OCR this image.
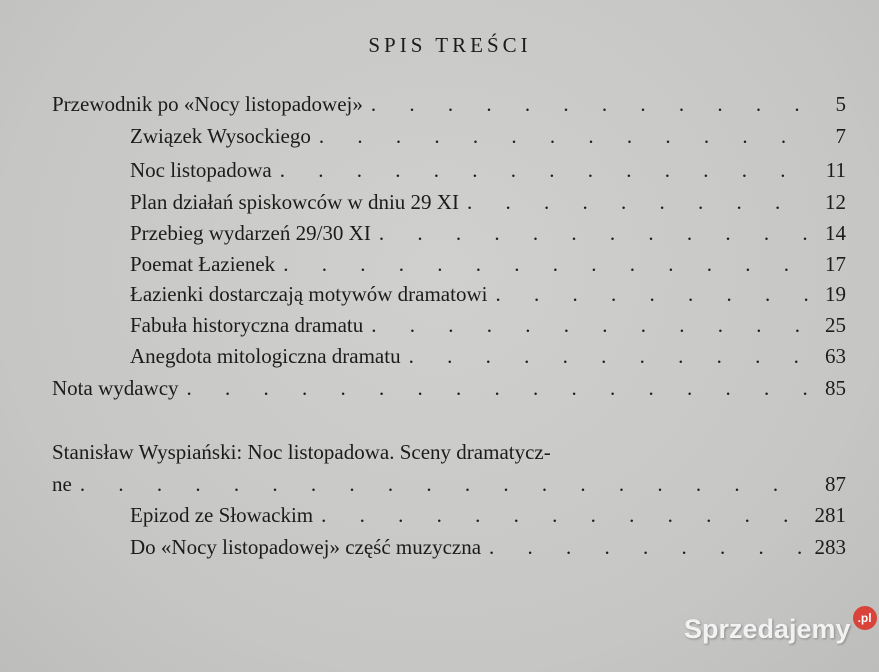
SPIS TREŚCI
Przewodnik po «Nocy listopadowej» . . .	5
Związek Wysockiego . . .	7
Noc listopadowa . . .	11
Plan działań spiskowców w dniu 29 XI . . .	12
Przebieg wydarzeń 29/30 XI . . .	14
Poemat Łazienek . . .	17
Łazienki dostarczają motywów dramatowi . . .	19
Fabuła historyczna dramatu . . .	25
Anegdota mitologiczna dramatu . . .	63
Nota wydawcy . . .	85
Stanisław Wyspiański: Noc listopadowa. Sceny dramatycz-
ne . . .	87
Epizod ze Słowackim . . .	281
Do «Nocy listopadowej» część muzyczna . . .	283
Sprzedajemy .pl
